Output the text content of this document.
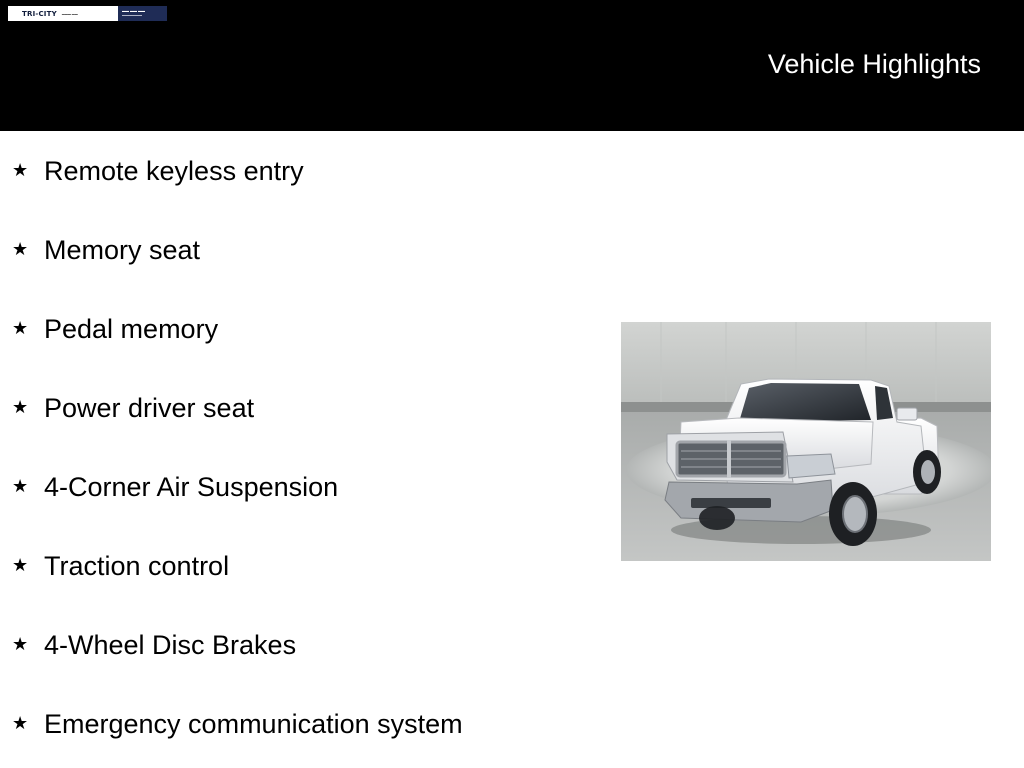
TRI-CITY ▬▬▬ ▬▬
▬▬ ▬▬ ▬▬
▬▬▬▬▬▬▬▬
Vehicle Highlights
★ Remote keyless entry
★ Memory seat
★ Pedal memory
★ Power driver seat
★ 4-Corner Air Suspension
★ Traction control
★ 4-Wheel Disc Brakes
★ Emergency communication system
